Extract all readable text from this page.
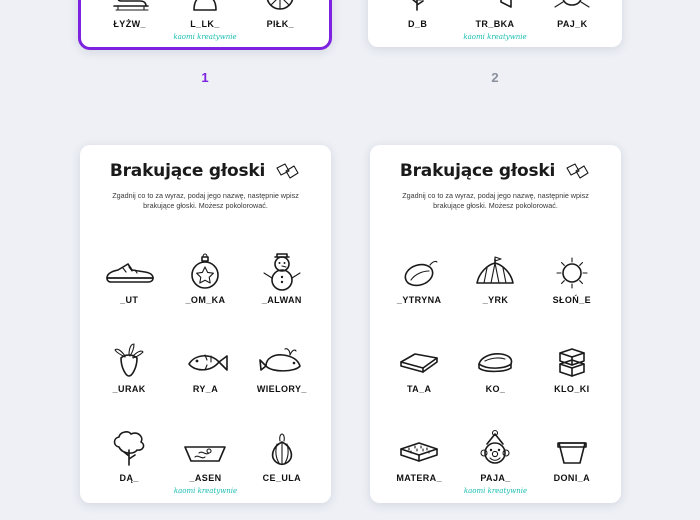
ŁYŻW_	L_LK_	PIŁK_
kaomi kreatywnie
1
D_B	TR_BKA	PAJ_K
kaomi kreatywnie
2
Brakujące głoski
Zgadnij co to za wyraz, podaj jego nazwę, następnie wpisz brakujące głoski. Możesz pokolorować.
_UT	_OM_KA	_ALWAN
_URAK	RY_A	WIELORY_
DĄ_	_ASEN	CE_ULA
kaomi kreatywnie
Brakujące głoski
Zgadnij co to za wyraz, podaj jego nazwę, następnie wpisz brakujące głoski. Możesz pokolorować.
_YTRYNA	_YRK	SŁOŃ_E
TA_A	KO_	KLO_KI
MATERA_	PAJA_	DONI_A
kaomi kreatywnie
